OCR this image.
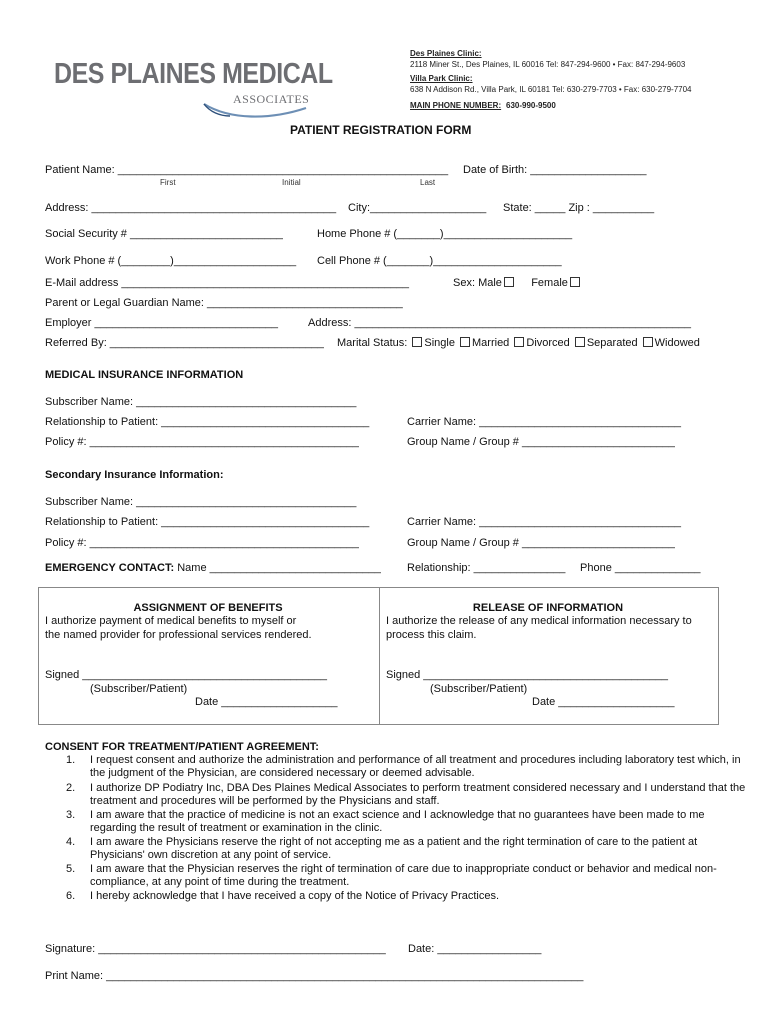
DES PLAINES MEDICAL
ASSOCIATES
Des Plaines Clinic:
2118 Miner St., Des Plaines, IL 60016 Tel: 847-294-9600 • Fax: 847-294-9603
Villa Park Clinic:
638 N Addison Rd., Villa Park, IL 60181 Tel: 630-279-7703 • Fax: 630-279-7704
MAIN PHONE NUMBER: 630-990-9500
PATIENT REGISTRATION FORM
Patient Name: ______________________________________________________ Date of Birth: ___________________
First	Initial	Last
Address: ________________________________________ City:___________________ State: _____ Zip : __________
Social Security # _________________________	Home Phone # (_______)_____________________
Work Phone # (________)____________________ Cell Phone # (_______)_____________________
E-Mail address _______________________________________________	Sex: Male	Female
Parent or Legal Guardian Name: ________________________________
Employer ______________________________	Address: _______________________________________________________
Referred By: ___________________________________ Marital Status: Single Married Divorced Separated Widowed
MEDICAL INSURANCE INFORMATION
Subscriber Name: ____________________________________
Relationship to Patient: __________________________________	Carrier Name: _________________________________
Policy #: ____________________________________________	Group Name / Group # _________________________
Secondary Insurance Information:
Subscriber Name: ____________________________________
Relationship to Patient: __________________________________	Carrier Name: _________________________________
Policy #: ____________________________________________	Group Name / Group # _________________________
EMERGENCY CONTACT: Name ____________________________ Relationship: _______________ Phone ______________
ASSIGNMENT OF BENEFITS
I authorize payment of medical benefits to myself or
the named provider for professional services rendered.
Signed ________________________________________
(Subscriber/Patient)
Date ___________________
RELEASE OF INFORMATION
I authorize the release of any medical information necessary to
process this claim.
Signed ________________________________________
(Subscriber/Patient)
Date ___________________
CONSENT FOR TREATMENT/PATIENT AGREEMENT:
1. I request consent and authorize the administration and performance of all treatment and procedures including laboratory test which, in the judgment of the Physician, are considered necessary or deemed advisable.
2. I authorize DP Podiatry Inc, DBA Des Plaines Medical Associates to perform treatment considered necessary and I understand that the treatment and procedures will be performed by the Physicians and staff.
3. I am aware that the practice of medicine is not an exact science and I acknowledge that no guarantees have been made to me regarding the result of treatment or examination in the clinic.
4. I am aware the Physicians reserve the right of not accepting me as a patient and the right termination of care to the patient at Physicians' own discretion at any point of service.
5. I am aware that the Physician reserves the right of termination of care due to inappropriate conduct or behavior and medical non-compliance, at any point of time during the treatment.
6. I hereby acknowledge that I have received a copy of the Notice of Privacy Practices.
Signature: _______________________________________________ Date: _________________
Print Name: ______________________________________________________________________________
